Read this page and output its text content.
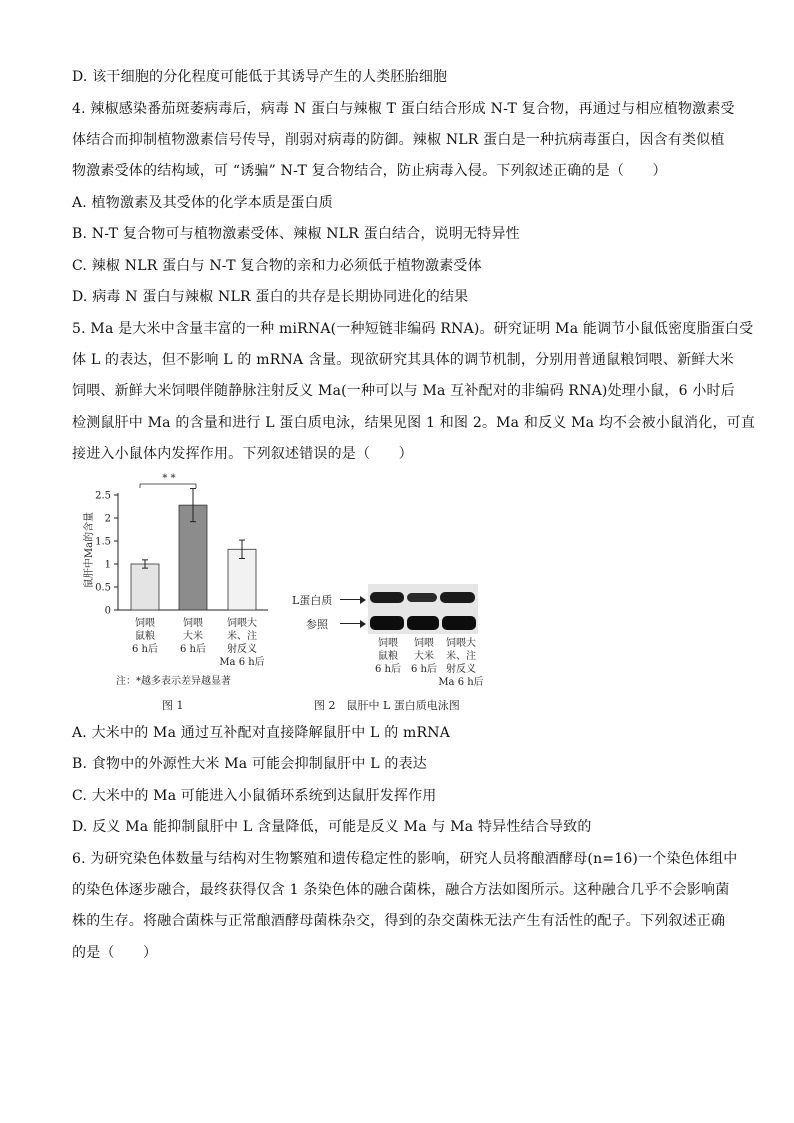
D. 该干细胞的分化程度可能低于其诱导产生的人类胚胎细胞
4. 辣椒感染番茄斑萎病毒后，病毒 N 蛋白与辣椒 T 蛋白结合形成 N-T 复合物，再通过与相应植物激素受
体结合而抑制植物激素信号传导，削弱对病毒的防御。辣椒 NLR 蛋白是一种抗病毒蛋白，因含有类似植
物激素受体的结构域，可 “诱骗” N-T 复合物结合，防止病毒入侵。下列叙述正确的是（　　）
A. 植物激素及其受体的化学本质是蛋白质
B. N-T 复合物可与植物激素受体、辣椒 NLR 蛋白结合，说明无特异性
C. 辣椒 NLR 蛋白与 N-T 复合物的亲和力必须低于植物激素受体
D. 病毒 N 蛋白与辣椒 NLR 蛋白的共存是长期协同进化的结果
5. Ma 是大米中含量丰富的一种 miRNA(一种短链非编码 RNA)。研究证明 Ma 能调节小鼠低密度脂蛋白受
体 L 的表达，但不影响 L 的 mRNA 含量。现欲研究其具体的调节机制，分别用普通鼠粮饲喂、新鲜大米
饲喂、新鲜大米饲喂伴随静脉注射反义 Ma(一种可以与 Ma 互补配对的非编码 RNA)处理小鼠，6 小时后
检测鼠肝中 Ma 的含量和进行 L 蛋白质电泳，结果见图 1 和图 2。Ma 和反义 Ma 均不会被小鼠消化，可直
接进入小鼠体内发挥作用。下列叙述错误的是（　　）
鼠肝中Ma的含量
0
0.5
1
1.5
2
2.5
饲喂
鼠粮
6 h后
饲喂
大米
6 h后
饲喂大
米、注
射反义
Ma 6 h后
* *
注：*越多表示差异越显著
图 1
L蛋白质
参照
饲喂
鼠粮
6 h后
饲喂
大米
6 h后
饲喂大
米、注
射反义
Ma 6 h后
图 2　鼠肝中 L 蛋白质电泳图
A. 大米中的 Ma 通过互补配对直接降解鼠肝中 L 的 mRNA
B. 食物中的外源性大米 Ma 可能会抑制鼠肝中 L 的表达
C. 大米中的 Ma 可能进入小鼠循环系统到达鼠肝发挥作用
D. 反义 Ma 能抑制鼠肝中 L 含量降低，可能是反义 Ma 与 Ma 特异性结合导致的
6. 为研究染色体数量与结构对生物繁殖和遗传稳定性的影响，研究人员将酿酒酵母(n=16)一个染色体组中
的染色体逐步融合，最终获得仅含 1 条染色体的融合菌株，融合方法如图所示。这种融合几乎不会影响菌
株的生存。将融合菌株与正常酿酒酵母菌株杂交，得到的杂交菌株无法产生有活性的配子。下列叙述正确
的是（　　）
